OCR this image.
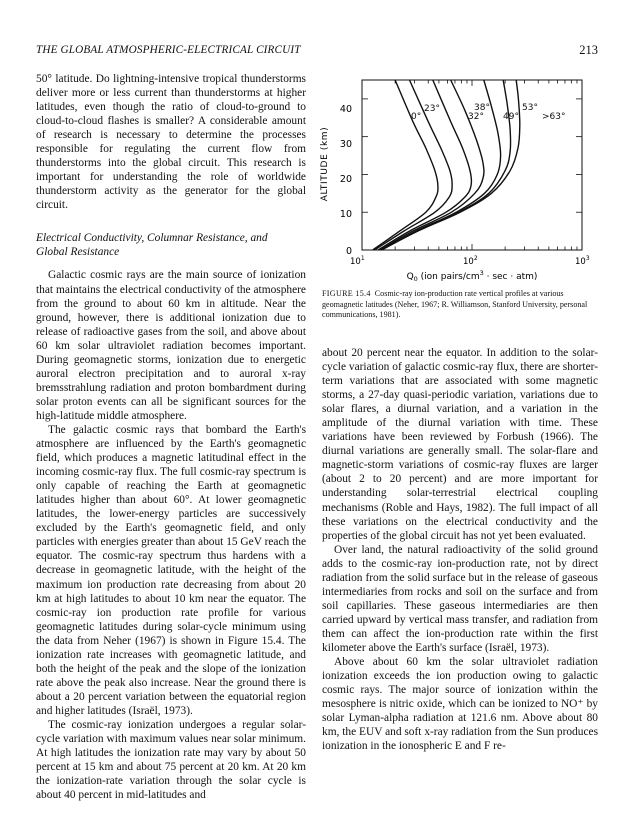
THE GLOBAL ATMOSPHERIC-ELECTRICAL CIRCUIT	213

50° latitude. Do lightning-intensive tropical thunderstorms deliver more or less current than thunderstorms at higher latitudes, even though the ratio of cloud-to-ground to cloud-to-cloud flashes is smaller? A considerable amount of research is necessary to determine the processes responsible for regulating the current flow from thunderstorms into the global circuit. This research is important for understanding the role of worldwide thunderstorm activity as the generator for the global circuit.

Electrical Conductivity, Columnar Resistance, and
Global Resistance

Galactic cosmic rays are the main source of ionization that maintains the electrical conductivity of the atmosphere from the ground to about 60 km in altitude. Near the ground, however, there is additional ionization due to release of radioactive gases from the soil, and above about 60 km solar ultraviolet radiation becomes important. During geomagnetic storms, ionization due to energetic auroral electron precipitation and to auroral x-ray bremsstrahlung radiation and proton bombardment during solar proton events can all be significant sources for the high-latitude middle atmosphere.

The galactic cosmic rays that bombard the Earth's atmosphere are influenced by the Earth's geomagnetic field, which produces a magnetic latitudinal effect in the incoming cosmic-ray flux. The full cosmic-ray spectrum is only capable of reaching the Earth at geomagnetic latitudes higher than about 60°. At lower geomagnetic latitudes, the lower-energy particles are successively excluded by the Earth's geomagnetic field, and only particles with energies greater than about 15 GeV reach the equator. The cosmic-ray spectrum thus hardens with a decrease in geomagnetic latitude, with the height of the maximum ion production rate decreasing from about 20 km at high latitudes to about 10 km near the equator. The cosmic-ray ion production rate profile for various geomagnetic latitudes during solar-cycle minimum using the data from Neher (1967) is shown in Figure 15.4. The ionization rate increases with geomagnetic latitude, and both the height of the peak and the slope of the ionization rate above the peak also increase. Near the ground there is about a 20 percent variation between the equatorial region and higher latitudes (Israël, 1973).

The cosmic-ray ionization undergoes a regular solar-cycle variation with maximum values near solar minimum. At high latitudes the ionization rate may vary by about 50 percent at 15 km and about 75 percent at 20 km. At 20 km the ionization-rate variation through the solar cycle is about 40 percent in mid-latitudes and

0°
23°
32°
38°
49°
53°
>63°
0
10
20
30
40
ALTITUDE (km)
$10^1$	$10^2$	$10^3$
$Q_0$ (ion pairs/$cm^3 \cdot \sec \cdot atm$)
FIGURE 15.4 Cosmic-ray ion-production rate vertical profiles at various geomagnetic latitudes (Neher, 1967; R. Williamson, Stanford University, personal communications, 1981).

about 20 percent near the equator. In addition to the solar-cycle variation of galactic cosmic-ray flux, there are shorter-term variations that are associated with some magnetic storms, a 27-day quasi-periodic variation, variations due to solar flares, a diurnal variation, and a variation in the amplitude of the diurnal variation with time. These variations have been reviewed by Forbush (1966). The diurnal variations are generally small. The solar-flare and magnetic-storm variations of cosmic-ray fluxes are larger (about 2 to 20 percent) and are more important for understanding solar-terrestrial electrical coupling mechanisms (Roble and Hays, 1982). The full impact of all these variations on the electrical conductivity and the properties of the global circuit has not yet been evaluated.

Over land, the natural radioactivity of the solid ground adds to the cosmic-ray ion-production rate, not by direct radiation from the solid surface but in the release of gaseous intermediaries from rocks and soil on the surface and from soil capillaries. These gaseous intermediaries are then carried upward by vertical mass transfer, and radiation from them can affect the ion-production rate within the first kilometer above the Earth's surface (Israël, 1973).

Above about 60 km the solar ultraviolet radiation ionization exceeds the ion production owing to galactic cosmic rays. The major source of ionization within the mesosphere is nitric oxide, which can be ionized to NO⁺ by solar Lyman-alpha radiation at 121.6 nm. Above about 80 km, the EUV and soft x-ray radiation from the Sun produces ionization in the ionospheric E and F re-
